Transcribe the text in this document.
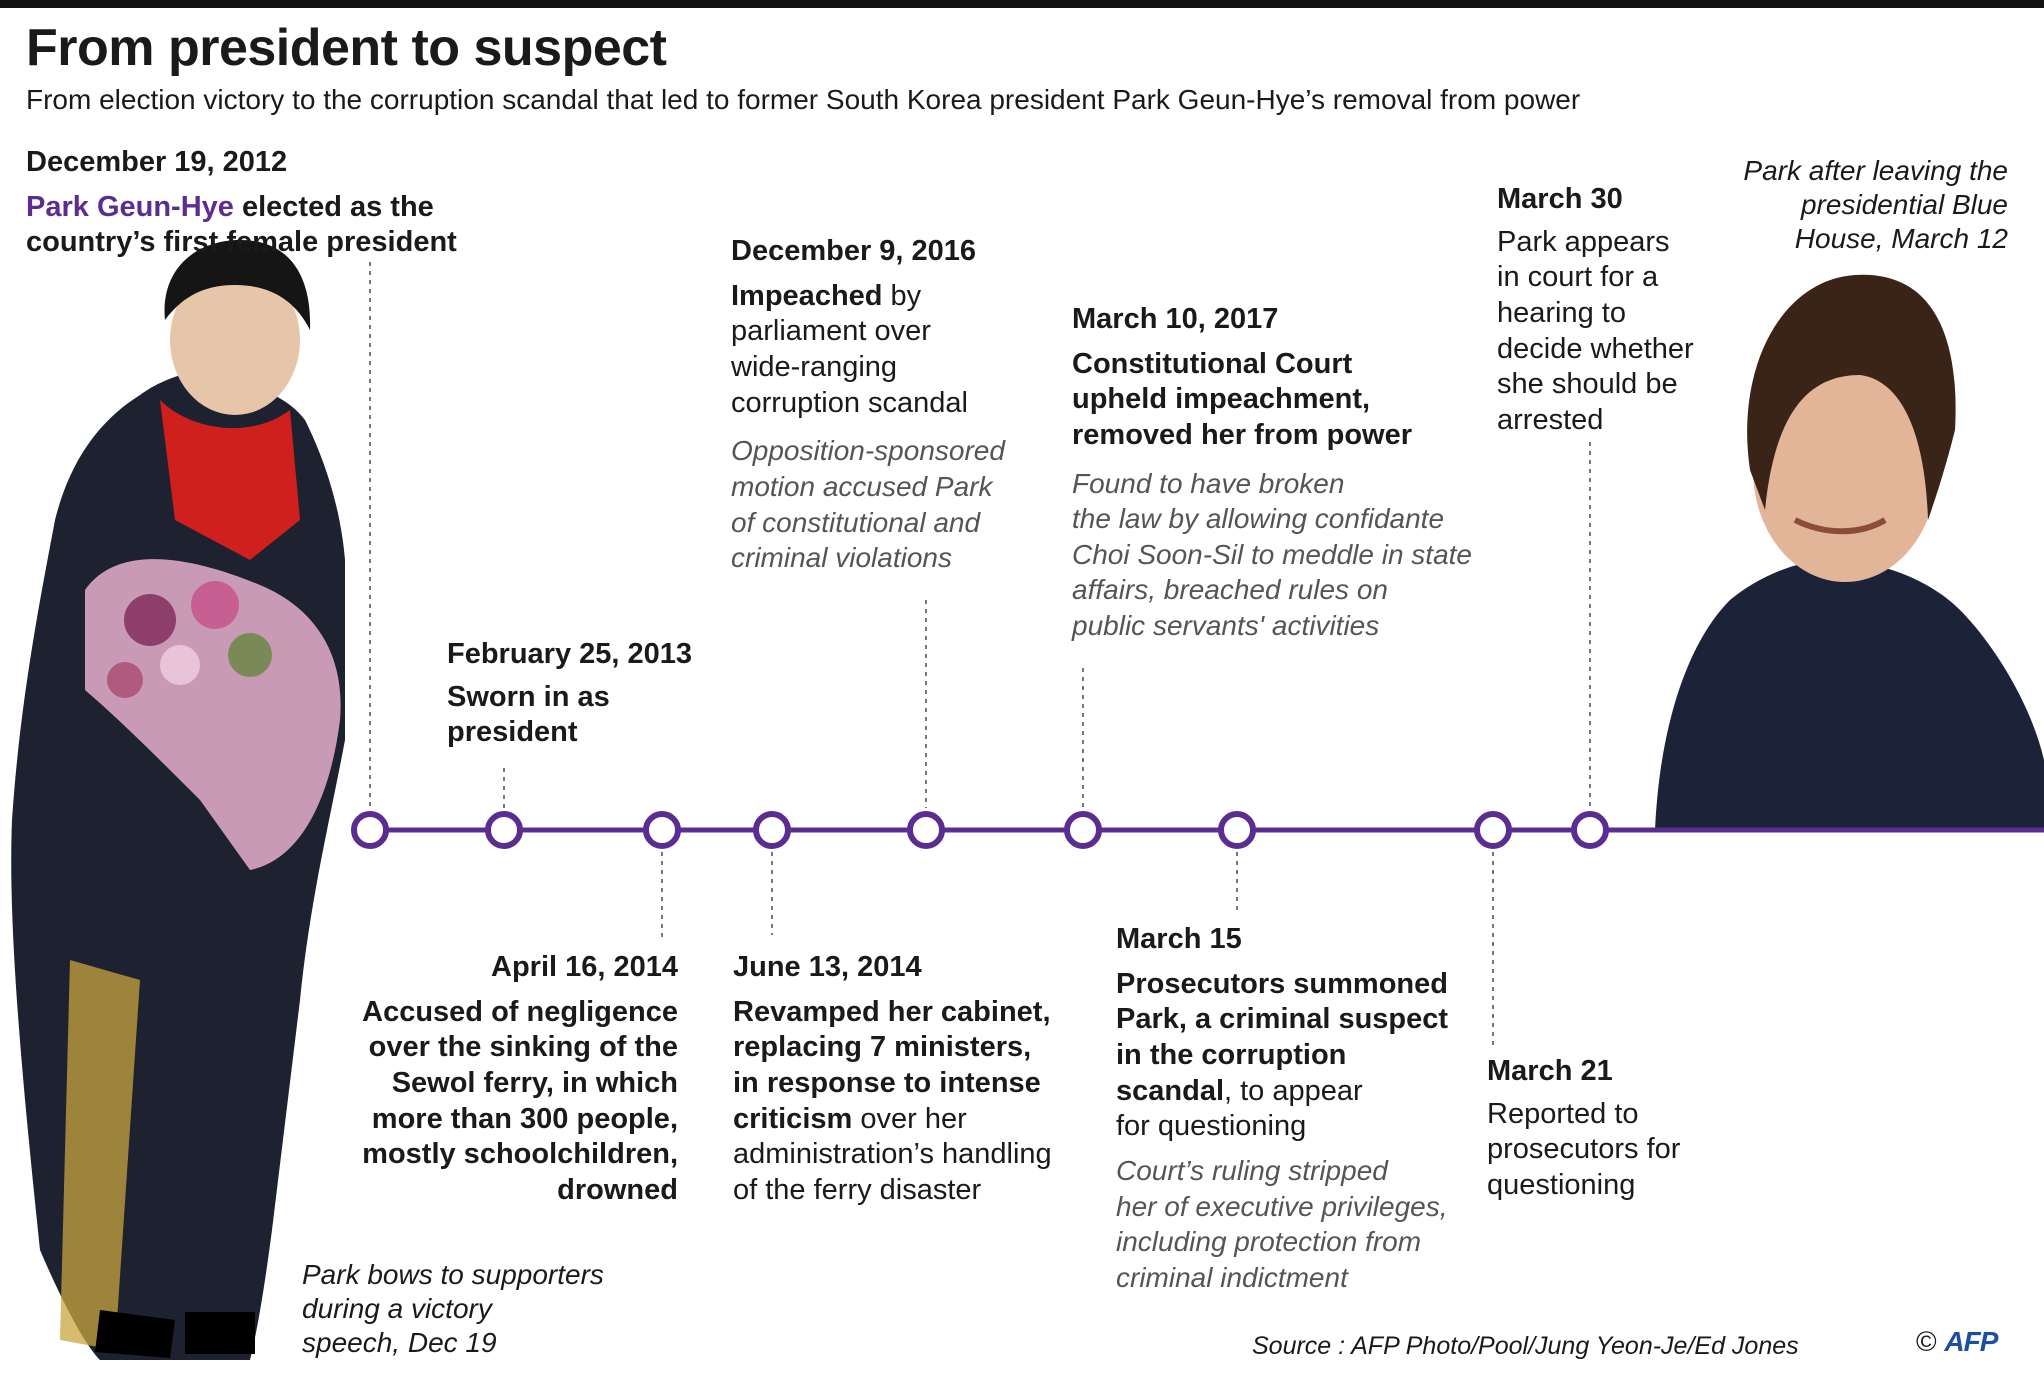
From president to suspect
From election victory to the corruption scandal that led to former South Korea president Park Geun-Hye’s removal from power
December 19, 2012
Park Geun-Hye elected as the
country’s first female president
February 25, 2013
Sworn in as
president
April 16, 2014
Accused of negligence
over the sinking of the
Sewol ferry, in which
more than 300 people,
mostly schoolchildren,
drowned
June 13, 2014
Revamped her cabinet,
replacing 7 ministers,
in response to intense
criticism over her
administration’s handling
of the ferry disaster
December 9, 2016
Impeached by
parliament over
wide-ranging
corruption scandal
Opposition-sponsored
motion accused Park
of constitutional and
criminal violations
March 10, 2017
Constitutional Court
upheld impeachment,
removed her from power
Found to have broken
the law by allowing confidante
Choi Soon-Sil to meddle in state
affairs, breached rules on
public servants' activities
March 15
Prosecutors summoned
Park, a criminal suspect
in the corruption
scandal, to appear
for questioning
Court’s ruling stripped
her of executive privileges,
including protection from
criminal indictment
March 21
Reported to
prosecutors for
questioning
March 30
Park appears
in court for a
hearing to
decide whether
she should be
arrested
Park bows to supporters
during a victory
speech, Dec 19
Park after leaving the
presidential Blue
House, March 12
Source : AFP Photo/Pool/Jung Yeon-Je/Ed Jones	© AFP
